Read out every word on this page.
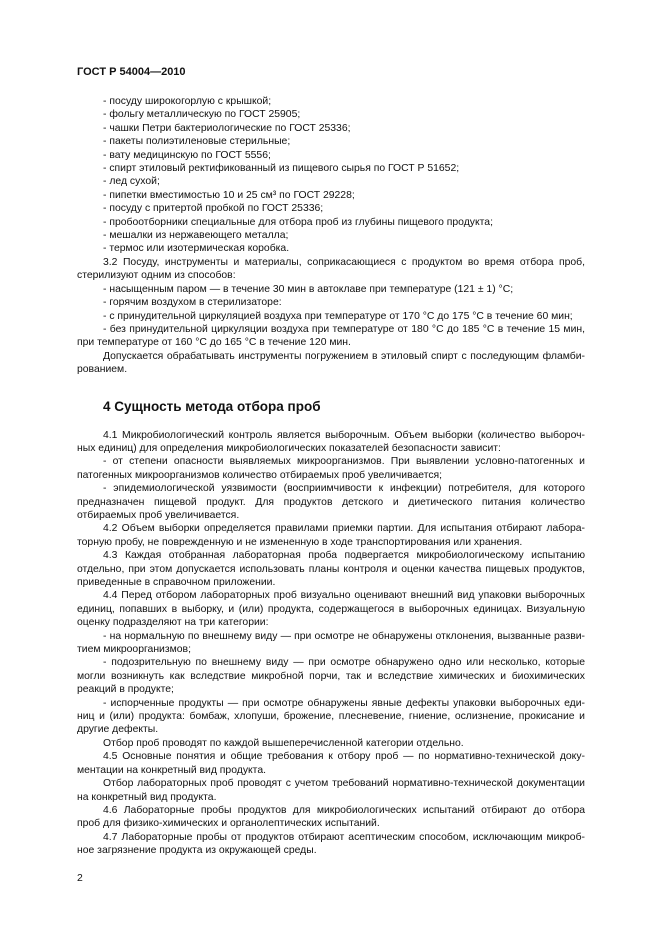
ГОСТ Р 54004—2010
- посуду широкогорлую с крышкой;
- фольгу металлическую по ГОСТ 25905;
- чашки Петри бактериологические по ГОСТ 25336;
- пакеты полиэтиленовые стерильные;
- вату медицинскую по ГОСТ 5556;
- спирт этиловый ректификованный из пищевого сырья по ГОСТ Р 51652;
- лед сухой;
- пипетки вместимостью 10 и 25 см³ по ГОСТ 29228;
- посуду с притертой пробкой по ГОСТ 25336;
- пробоотборники специальные для отбора проб из глубины пищевого продукта;
- мешалки из нержавеющего металла;
- термос или изотермическая коробка.
3.2 Посуду, инструменты и материалы, соприкасающиеся с продуктом во время отбора проб,
стерилизуют одним из способов:
- насыщенным паром — в течение 30 мин в автоклаве при температуре (121 ± 1) °C;
- горячим воздухом в стерилизаторе:
- с принудительной циркуляцией воздуха при температуре от 170 °C до 175 °C в течение 60 мин;
- без принудительной циркуляции воздуха при температуре от 180 °C до 185 °C в течение 15 мин,
при температуре от 160 °C до 165 °C в течение 120 мин.
Допускается обрабатывать инструменты погружением в этиловый спирт с последующим фламби-
рованием.
4 Сущность метода отбора проб
4.1 Микробиологический контроль является выборочным. Объем выборки (количество выбороч-
ных единиц) для определения микробиологических показателей безопасности зависит:
- от степени опасности выявляемых микроорганизмов. При выявлении условно-патогенных и
патогенных микроорганизмов количество отбираемых проб увеличивается;
- эпидемиологической уязвимости (восприимчивости к инфекции) потребителя, для которого
предназначен пищевой продукт. Для продуктов детского и диетического питания количество
отбираемых проб увеличивается.
4.2 Объем выборки определяется правилами приемки партии. Для испытания отбирают лабора-
торную пробу, не поврежденную и не измененную в ходе транспортирования или хранения.
4.3 Каждая отобранная лабораторная проба подвергается микробиологическому испытанию
отдельно, при этом допускается использовать планы контроля и оценки качества пищевых продуктов,
приведенные в справочном приложении.
4.4 Перед отбором лабораторных проб визуально оценивают внешний вид упаковки выборочных
единиц, попавших в выборку, и (или) продукта, содержащегося в выборочных единицах. Визуальную
оценку подразделяют на три категории:
- на нормальную по внешнему виду — при осмотре не обнаружены отклонения, вызванные разви-
тием микроорганизмов;
- подозрительную по внешнему виду — при осмотре обнаружено одно или несколько, которые
могли возникнуть как вследствие микробной порчи, так и вследствие химических и биохимических
реакций в продукте;
- испорченные продукты — при осмотре обнаружены явные дефекты упаковки выборочных еди-
ниц и (или) продукта: бомбаж, хлопуши, брожение, плесневение, гниение, ослизнение, прокисание и
другие дефекты.
Отбор проб проводят по каждой вышеперечисленной категории отдельно.
4.5 Основные понятия и общие требования к отбору проб — по нормативно-технической доку-
ментации на конкретный вид продукта.
Отбор лабораторных проб проводят с учетом требований нормативно-технической документации
на конкретный вид продукта.
4.6 Лабораторные пробы продуктов для микробиологических испытаний отбирают до отбора
проб для физико-химических и органолептических испытаний.
4.7 Лабораторные пробы от продуктов отбирают асептическим способом, исключающим микроб-
ное загрязнение продукта из окружающей среды.
2
